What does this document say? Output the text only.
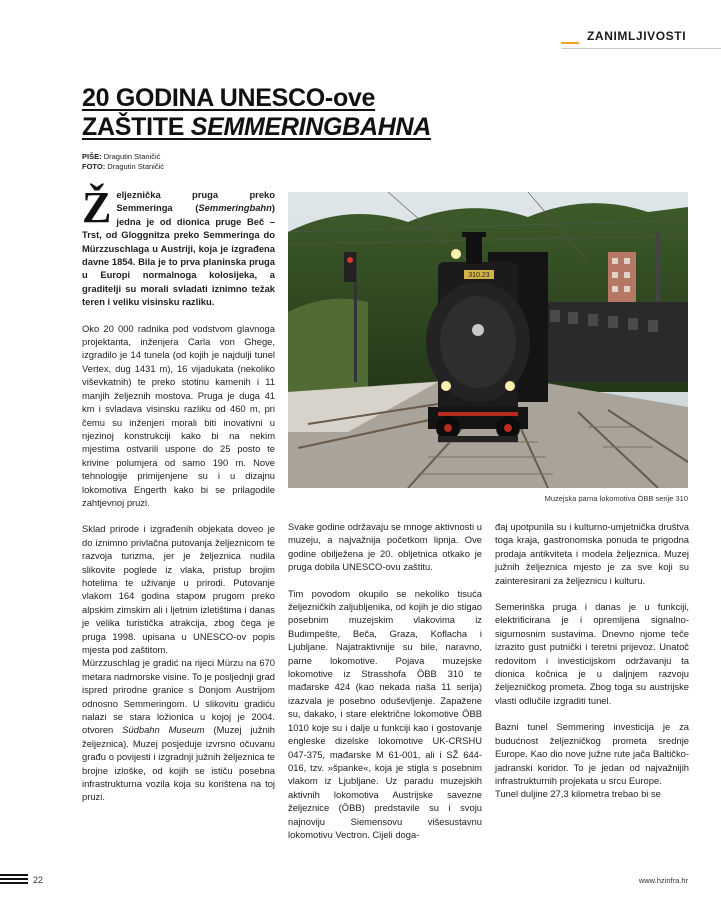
ZANIMLJIVOSTI
20 GODINA UNESCO-ove
ZAŠTITE SEMMERINGBAHNA
PIŠE: Dragutin Staničić
FOTO: Dragutin Staničić

Željeznička pruga preko Semmeringa (Semmeringbahn) jedna je od dionica pruge Beč – Trst, od Gloggnitza preko Semmeringa do Mürzzuschlaga u Austriji, koja je izgrađena davne 1854. Bila je to prva planinska pruga u Europi normalnoga kolosijeka, a graditelji su morali svladati iznimno težak teren i veliku visinsku razliku.

Oko 20 000 radnika pod vodstvom glavnoga projektanta, inženjera Carla von Ghege, izgradilo je 14 tunela (od kojih je najdulji tunel Vertex, dug 1431 m), 16 vijadukata (nekoliko viševkatnih) te preko stotinu kamenih i 11 manjih željeznih mostova. Pruga je duga 41 km i svladava visinsku razliku od 460 m, pri čemu su inženjeri morali biti inovativni u njezinoj konstrukciji kako bi na nekim mjestima ostvarili uspone do 25 posto te krivine polumjera od samo 190 m. Nove tehnologije primijenjene su i u dizajnu lokomotiva Engerth kako bi se prilagodile zahtjevnoj pruzi.

Sklad prirode i izgrađenih objekata doveo je do iznimno privlačna putovanja željeznicom te razvoja turizma, jer je željeznica nudila slikovite poglede iz vlaka, pristup brojim hotelima te uživanje u prirodi. Putovanje vlakom 164 godina staром prugom preko alpskim zimskim ali i ljetnim izletištima i danas je velika turistička atrakcija, zbog čega je pruga 1998. upisana u UNESCO-ov popis mjesta pod zaštitom.

Mürzzuschlag je gradić na rijeci Mürzu na 670 metara nadmorske visine. To je posljednji grad ispred prirodne granice s Donjom Austrijom odnosno Semmeringom. U slikovitu gradiću nalazi se stara ložionica u kojoj je 2004. otvoren Südbahn Museum (Muzej južnih željeznica). Muzej posjeduje izvrsno očuvanu građu o povijesti i izgradnji južnih željeznica te brojne izloške, od kojih se ističu posebna infrastrukturna vozila koja su korištena na toj pruzi.

310.23
Muzejska parna lokomotiva ÖBB serije 310

Svake godine održavaju se mnoge aktivnosti u muzeju, a najvažnija početkom lipnja. Ove godine obilježena je 20. obljetnica otkako je pruga dobila UNESCO-ovu zaštitu.

Tim povodom okupilo se nekoliko tisuća željezničkih zaljubljenika, od kojih je dio stigao posebnim muzejskim vlakovima iz Budimpešte, Beča, Graza, Koflacha i Ljubljane. Najatraktivnije su bile, naravno, parne lokomotive. Pojava muzejske lokomotive iz Strasshofa ÖBB 310 te mađarske 424 (kao nekada naša 11 serija) izazvala je posebno oduševljenje. Zapažene su, dakako, i stare električne lokomotive ÖBB 1010 koje su i dalje u funkciji kao i gostovanje engleske dizelske lokomotive UK-CRSHU 047-375, mađarske M 61-001, ali i SŽ 644-016, tzv. »španke«, koja je stigla s posebnim vlakom iz Ljubljane. Uz paradu muzejskih aktivnih lokomotiva Austrijske savezne željeznice (ÖBB) predstavile su i svoju najnoviju Siemensovu višesustavnu lokomotivu Vectron. Cijeli doga-

đaj upotpunila su i kulturno-umjetnička društva toga kraja, gastronomska ponuda te prigodna prodaja antikviteta i modela željeznica. Muzej južnih željeznica mjesto je za sve koji su zainteresirani za željeznicu i kulturu.

Semerinška pruga i danas je u funkciji, elektrificirana je i opremljena signalno-sigurnosnim sustavima. Dnevno njome teče izrazito gust putnički i teretni prijevoz. Unatoč redovitom i investicijskom održavanju ta dionica kočnica je u daljnjem razvoju željezničkog prometa. Zbog toga su austrijske vlasti odlučile izgraditi tunel.

Bazni tunel Semmering investicija je za budućnost željezničkog prometa srednje Europe. Kao dio nove južne rute jača Baltičko-jadranski koridor. To je jedan od najvažnijih infrastrukturnih projekata u srcu Europe.

Tunel duljine 27,3 kilometra trebao bi se

22	www.hzinfra.hr
